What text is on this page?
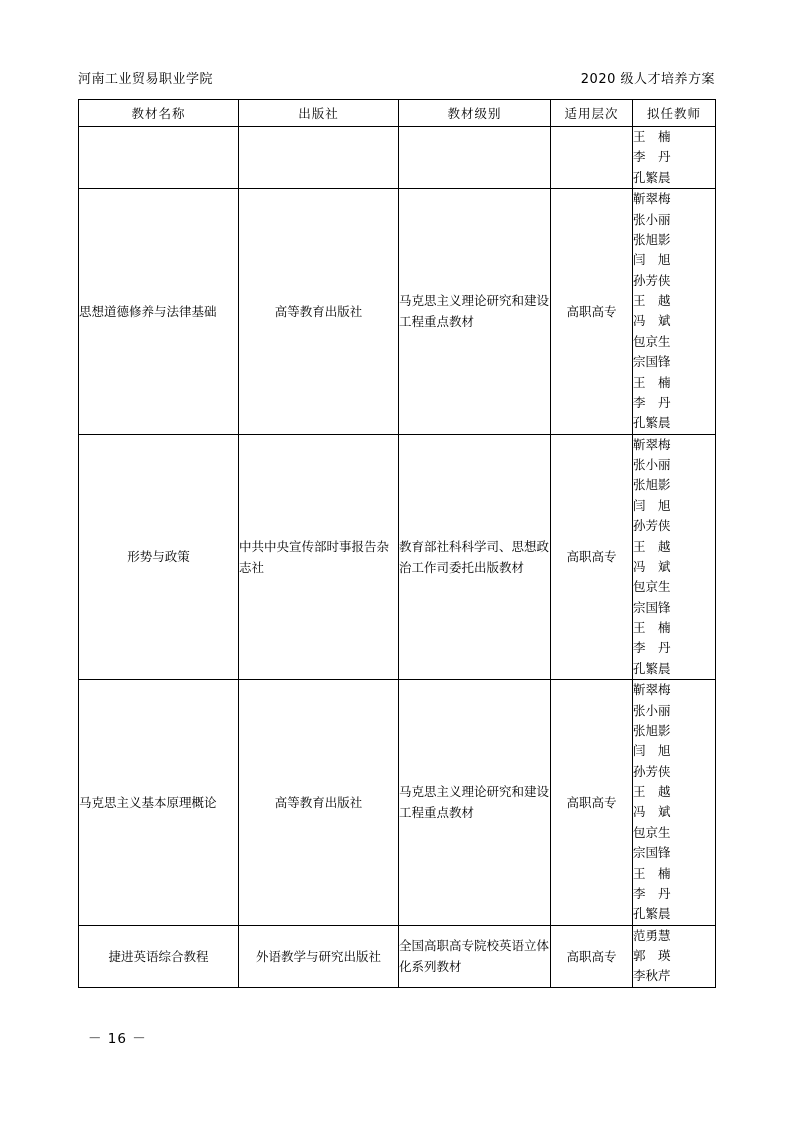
河南工业贸易职业学院	2020 级人才培养方案
教材名称	出版社	教材级别	适用层次	拟任教师

				王　楠
李　丹
孔繁晨

思想道德修养与法律基础	高等教育出版社	马克思主义理论研究和建设工程重点教材	高职高专	
靳翠梅
张小丽
张旭影
闫　旭
孙芳侠
王　越
冯　斌
包京生
宗国锋
王　楠
李　丹
孔繁晨

形势与政策	中共中央宣传部时事报告杂志社	教育部社科科学司、思想政治工作司委托出版教材	高职高专	
靳翠梅
张小丽
张旭影
闫　旭
孙芳侠
王　越
冯　斌
包京生
宗国锋
王　楠
李　丹
孔繁晨

马克思主义基本原理概论	高等教育出版社	马克思主义理论研究和建设工程重点教材	高职高专	
靳翠梅
张小丽
张旭影
闫　旭
孙芳侠
王　越
冯　斌
包京生
宗国锋
王　楠
李　丹
孔繁晨

捷进英语综合教程	外语教学与研究出版社	全国高职高专院校英语立体化系列教材	高职高专	范勇慧
郭　瑛
李秋芹
－ 16 －
